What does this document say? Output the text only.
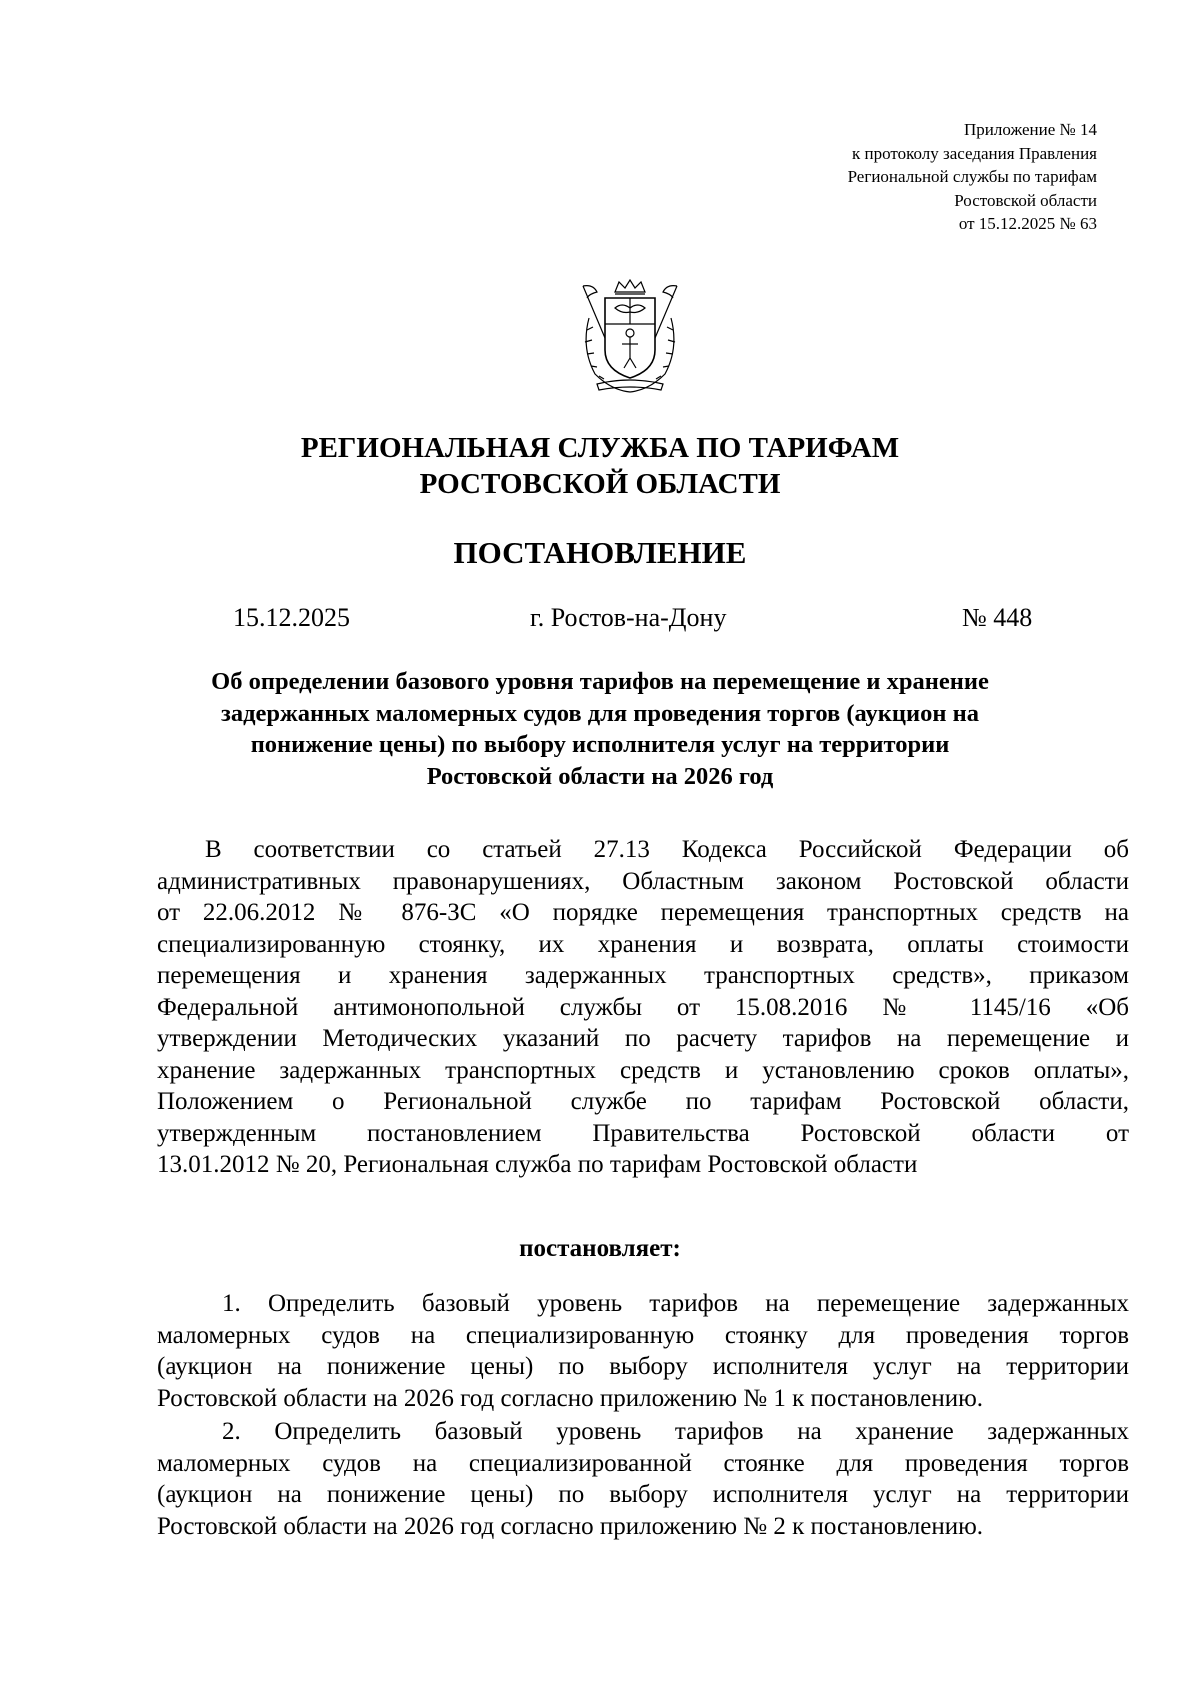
Приложение № 14
к протоколу заседания Правления
Региональной службы по тарифам
Ростовской области
от 15.12.2025 № 63
РЕГИОНАЛЬНАЯ СЛУЖБА ПО ТАРИФАМ
РОСТОВСКОЙ ОБЛАСТИ
ПОСТАНОВЛЕНИЕ
15.12.2025	г. Ростов-на-Дону	№ 448
Об определении базового уровня тарифов на перемещение и хранение
задержанных маломерных судов для проведения торгов (аукцион на
понижение цены) по выбору исполнителя услуг на территории
Ростовской области на 2026 год
В соответствии со статьей 27.13 Кодекса Российской Федерации об
административных правонарушениях, Областным законом Ростовской области
от 22.06.2012 № 876-ЗС «О порядке перемещения транспортных средств на
специализированную стоянку, их хранения и возврата, оплаты стоимости
перемещения и хранения задержанных транспортных средств», приказом
Федеральной антимонопольной службы от 15.08.2016 № 1145/16 «Об
утверждении Методических указаний по расчету тарифов на перемещение и
хранение задержанных транспортных средств и установлению сроков оплаты»,
Положением о Региональной службе по тарифам Ростовской области,
утвержденным постановлением Правительства Ростовской области от
13.01.2012 № 20, Региональная служба по тарифам Ростовской области
постановляет:
1. Определить базовый уровень тарифов на перемещение задержанных
маломерных судов на специализированную стоянку для проведения торгов
(аукцион на понижение цены) по выбору исполнителя услуг на территории
Ростовской области на 2026 год согласно приложению № 1 к постановлению.
2. Определить базовый уровень тарифов на хранение задержанных
маломерных судов на специализированной стоянке для проведения торгов
(аукцион на понижение цены) по выбору исполнителя услуг на территории
Ростовской области на 2026 год согласно приложению № 2 к постановлению.
